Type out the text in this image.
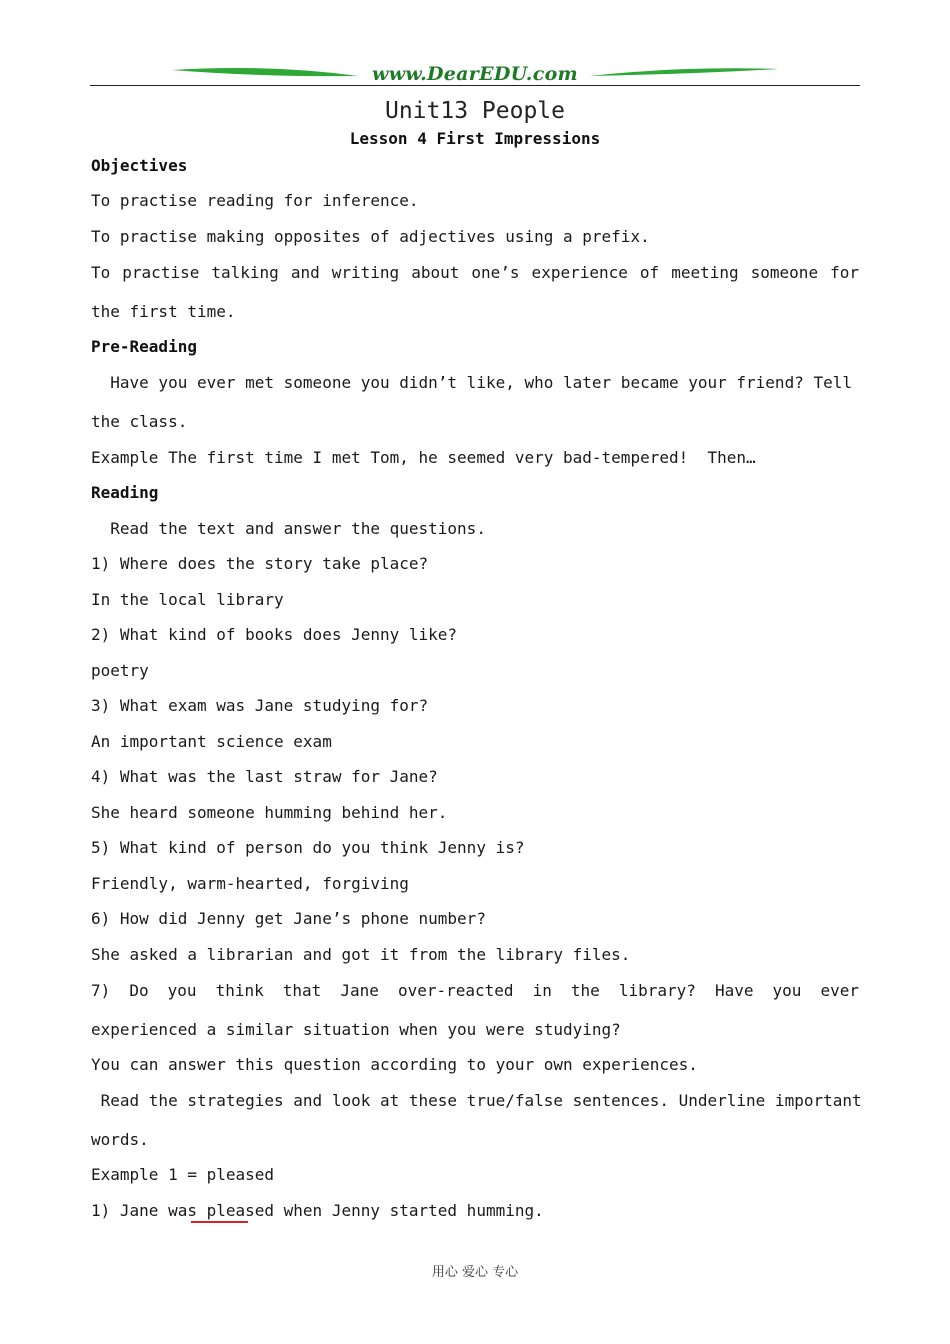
www.DearEDU.com
Unit13 People
Lesson 4 First Impressions
Objectives
To practise reading for inference.
To practise making opposites of adjectives using a prefix.
To practise talking and writing about one’s experience of meeting someone for
the first time.
Pre-Reading
Have you ever met someone you didn’t like, who later became your friend? Tell
the class.
Example The first time I met Tom, he seemed very bad-tempered!  Then…
Reading
Read the text and answer the questions.
1) Where does the story take place?
In the local library
2) What kind of books does Jenny like?
poetry
3) What exam was Jane studying for?
An important science exam
4) What was the last straw for Jane?
She heard someone humming behind her.
5) What kind of person do you think Jenny is?
Friendly, warm-hearted, forgiving
6) How did Jenny get Jane’s phone number?
She asked a librarian and got it from the library files.
7) Do you think that Jane over-reacted in the library? Have you ever
experienced a similar situation when you were studying?
You can answer this question according to your own experiences.
Read the strategies and look at these true/false sentences. Underline important
words.
Example 1 = pleased
1) Jane was pleased when Jenny started humming.
用心 爱心 专心
